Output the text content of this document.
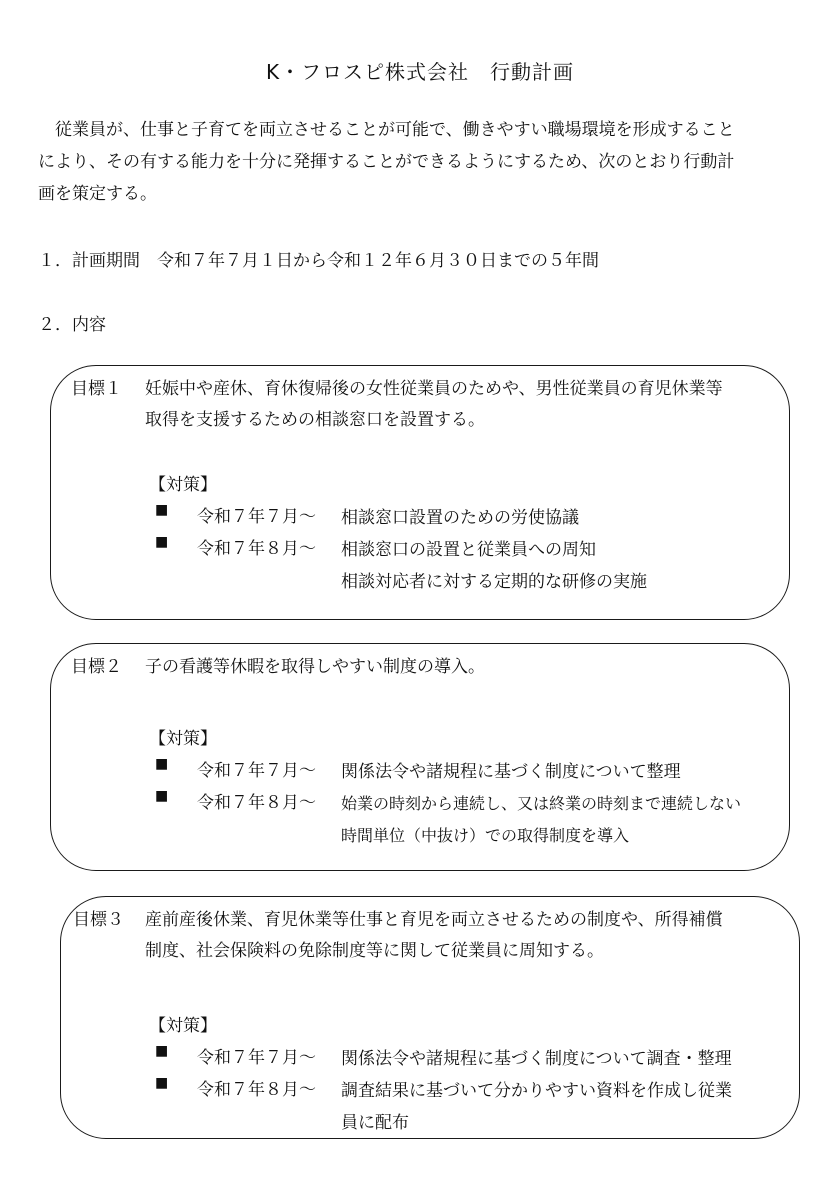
K・フロスピ株式会社　行動計画
従業員が、仕事と子育てを両立させることが可能で、働きやすい職場環境を形成すること
により、その有する能力を十分に発揮することができるようにするため、次のとおり行動計
画を策定する。
１．計画期間　令和７年７月１日から令和１２年６月３０日までの５年間
２．内容
目標１ 妊娠中や産休、育休復帰後の女性従業員のためや、男性従業員の育児休業等
取得を支援するための相談窓口を設置する。
【対策】
■ 令和７年７月～ 相談窓口設置のための労使協議
■ 令和７年８月～ 相談窓口の設置と従業員への周知
相談対応者に対する定期的な研修の実施
目標２ 子の看護等休暇を取得しやすい制度の導入。
【対策】
■ 令和７年７月～ 関係法令や諸規程に基づく制度について整理
■ 令和７年８月～ 始業の時刻から連続し、又は終業の時刻まで連続しない
時間単位（中抜け）での取得制度を導入
目標３ 産前産後休業、育児休業等仕事と育児を両立させるための制度や、所得補償
制度、社会保険料の免除制度等に関して従業員に周知する。
【対策】
■ 令和７年７月～ 関係法令や諸規程に基づく制度について調査・整理
■ 令和７年８月～ 調査結果に基づいて分かりやすい資料を作成し従業
員に配布
